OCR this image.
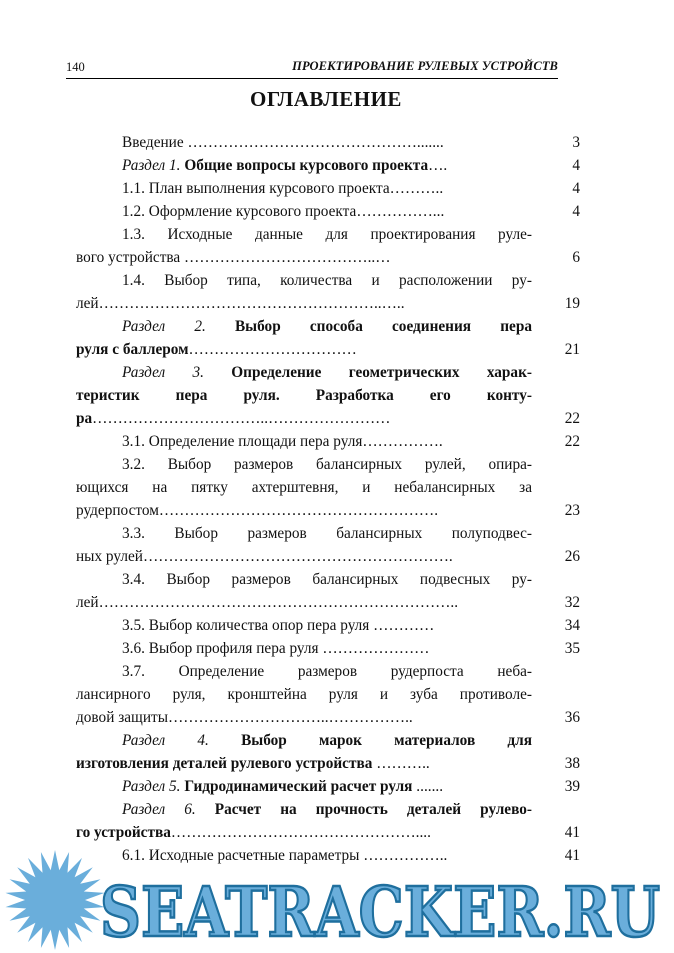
140	ПРОЕКТИРОВАНИЕ РУЛЕВЫХ УСТРОЙСТВ
ОГЛАВЛЕНИЕ
Введение ……………………………………….......	3
Раздел 1. Общие вопросы курсового проекта….	4
1.1. План выполнения курсового проекта………..	4
1.2. Оформление курсового проекта……………...	4
1.3. Исходные данные для проектирования руле-
вого устройства ………………………………..…	6
1.4. Выбор типа, количества и расположении ру-
лей………………………………………………..…..	19
Раздел 2. Выбор способа соединения пера
руля с баллером……………………………	21
Раздел 3. Определение геометрических харак-
теристик пера руля. Разработка его конту-
ра……………………………..……………………	22
3.1. Определение площади пера руля…………….	22
3.2. Выбор размеров балансирных рулей, опира-
ющихся на пятку ахтерштевня, и небалансирных за
рудерпостом……………………………………………….	23
3.3. Выбор размеров балансирных полуподвес-
ных рулей…………………………………………………….	26
3.4. Выбор размеров балансирных подвесных ру-
лей……………………………………………………………..	32
3.5. Выбор количества опор пера руля …………	34
3.6. Выбор профиля пера руля …………………	35
3.7. Определение размеров рудерпоста неба-
лансирного руля, кронштейна руля и зуба противоле-
довой защиты…………………………..……………..	36
Раздел 4. Выбор марок материалов для
изготовления деталей рулевого устройства ………..	38
Раздел 5. Гидродинамический расчет руля .......	39
Раздел 6. Расчет на прочность деталей рулево-
го устройства…………………………………………....	41
6.1. Исходные расчетные параметры ……………..	41
SEATRACKER.RU
